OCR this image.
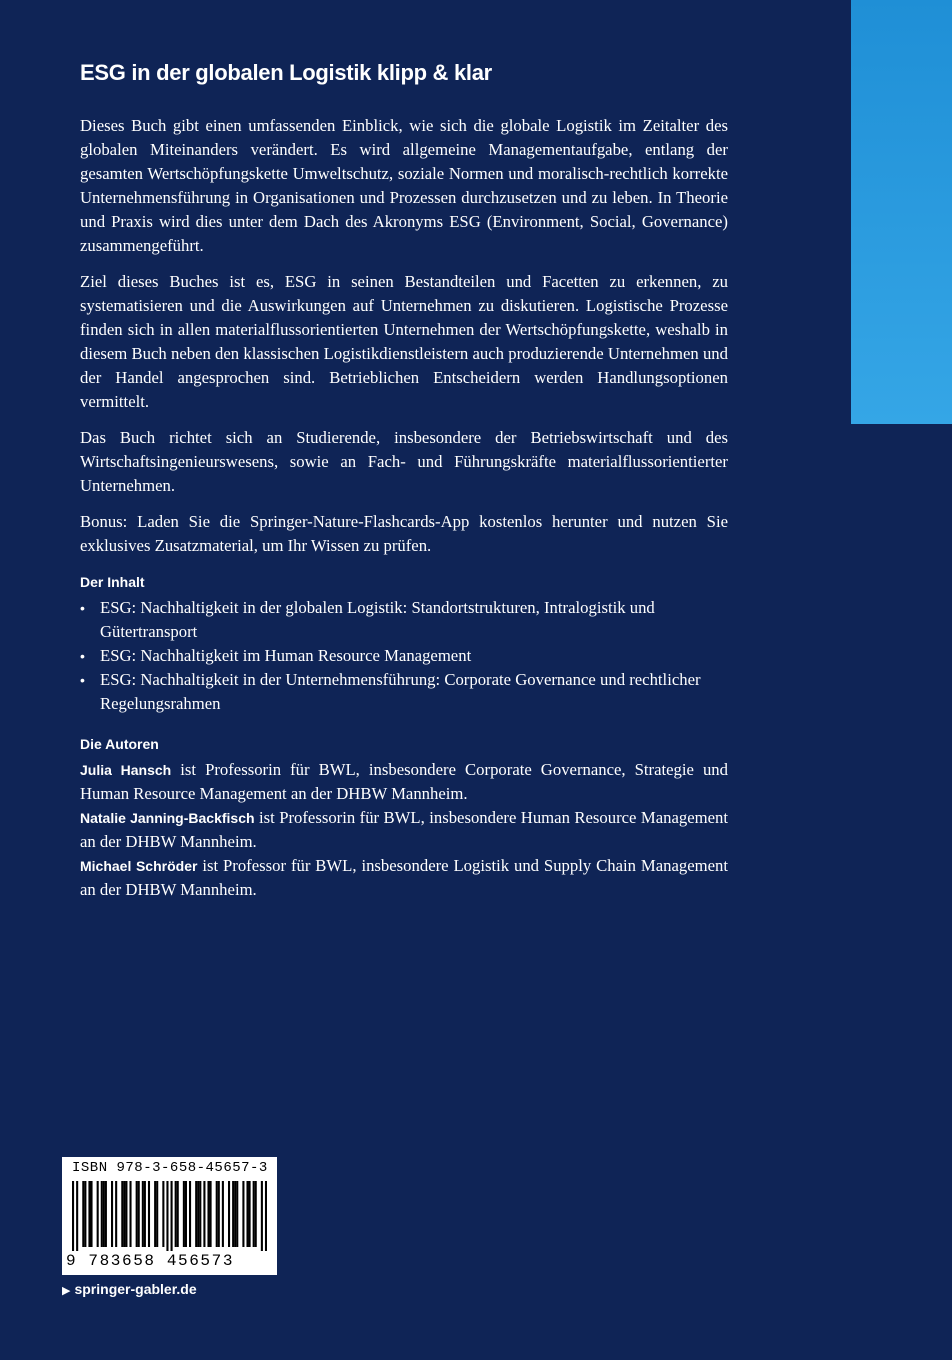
ESG in der globalen Logistik klipp & klar

Dieses Buch gibt einen umfassenden Einblick, wie sich die globale Logistik im Zeitalter des globalen Miteinanders verändert. Es wird allgemeine Managementaufgabe, entlang der gesamten Wertschöpfungskette Umweltschutz, soziale Normen und moralisch-rechtlich korrekte Unternehmensführung in Organisationen und Prozessen durchzusetzen und zu leben. In Theorie und Praxis wird dies unter dem Dach des Akronyms ESG (Environment, Social, Governance) zusammengeführt.

Ziel dieses Buches ist es, ESG in seinen Bestandteilen und Facetten zu erkennen, zu systematisieren und die Auswirkungen auf Unternehmen zu diskutieren. Logistische Prozesse finden sich in allen materialflussorientierten Unternehmen der Wertschöpfungskette, weshalb in diesem Buch neben den klassischen Logistikdienstleistern auch produzierende Unternehmen und der Handel angesprochen sind. Betrieblichen Entscheidern werden Handlungsoptionen vermittelt.

Das Buch richtet sich an Studierende, insbesondere der Betriebswirtschaft und des Wirtschaftsingenieurswesens, sowie an Fach- und Führungskräfte materialflussorientierter Unternehmen.

Bonus: Laden Sie die Springer-Nature-Flashcards-App kostenlos herunter und nutzen Sie exklusives Zusatzmaterial, um Ihr Wissen zu prüfen.

Der Inhalt
• ESG: Nachhaltigkeit in der globalen Logistik: Standortstrukturen, Intralogistik und Gütertransport
• ESG: Nachhaltigkeit im Human Resource Management
• ESG: Nachhaltigkeit in der Unternehmensführung: Corporate Governance und rechtlicher Regelungsrahmen
Die Autoren

Julia Hansch ist Professorin für BWL, insbesondere Corporate Governance, Strategie und Human Resource Management an der DHBW Mannheim.

Natalie Janning-Backfisch ist Professorin für BWL, insbesondere Human Resource Management an der DHBW Mannheim.

Michael Schröder ist Professor für BWL, insbesondere Logistik und Supply Chain Management an der DHBW Mannheim.

ISBN 978-3-658-45657-3
9 783658 456573
▶ springer-gabler.de
